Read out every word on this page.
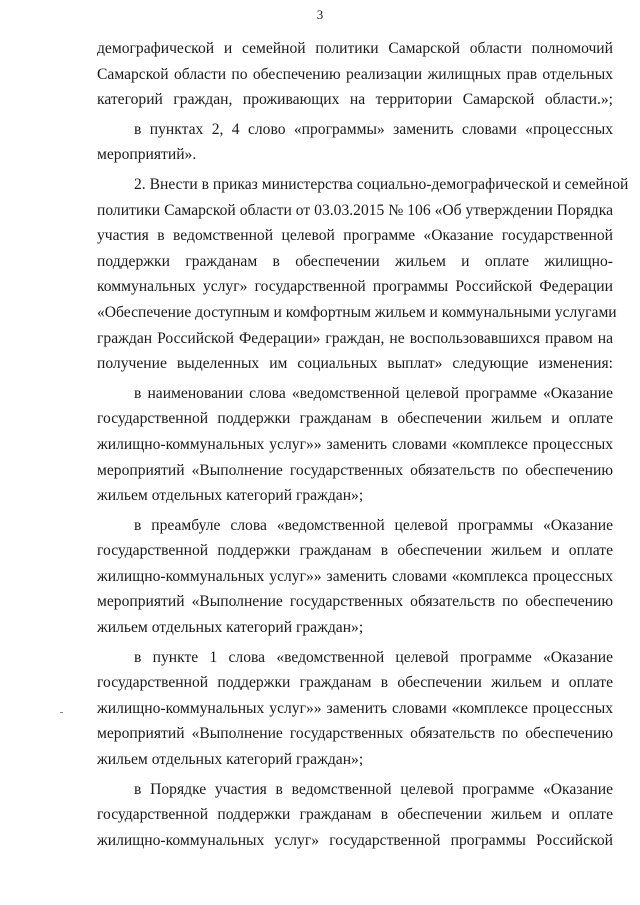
3
демографической и семейной политики Самарской области полномочий
Самарской области по обеспечению реализации жилищных прав отдельных
категорий граждан, проживающих на территории Самарской области.»;
в пунктах 2, 4 слово «программы» заменить словами «процессных
мероприятий».
2. Внести в приказ министерства социально-демографической и семейной
политики Самарской области от 03.03.2015 № 106 «Об утверждении Порядка
участия в ведомственной целевой программе «Оказание государственной
поддержки гражданам в обеспечении жильем и оплате жилищно-
коммунальных услуг» государственной программы Российской Федерации
«Обеспечение доступным и комфортным жильем и коммунальными услугами
граждан Российской Федерации» граждан, не воспользовавшихся правом на
получение выделенных им социальных выплат» следующие изменения:
в наименовании слова «ведомственной целевой программе «Оказание
государственной поддержки гражданам в обеспечении жильем и оплате
жилищно-коммунальных услуг»» заменить словами «комплексе процессных
мероприятий «Выполнение государственных обязательств по обеспечению
жильем отдельных категорий граждан»;
в преамбуле слова «ведомственной целевой программы «Оказание
государственной поддержки гражданам в обеспечении жильем и оплате
жилищно-коммунальных услуг»» заменить словами «комплекса процессных
мероприятий «Выполнение государственных обязательств по обеспечению
жильем отдельных категорий граждан»;
в пункте 1 слова «ведомственной целевой программе «Оказание
государственной поддержки гражданам в обеспечении жильем и оплате
жилищно-коммунальных услуг»» заменить словами «комплексе процессных
мероприятий «Выполнение государственных обязательств по обеспечению
жильем отдельных категорий граждан»;
в Порядке участия в ведомственной целевой программе «Оказание
государственной поддержки гражданам в обеспечении жильем и оплате
жилищно-коммунальных услуг» государственной программы Российской
